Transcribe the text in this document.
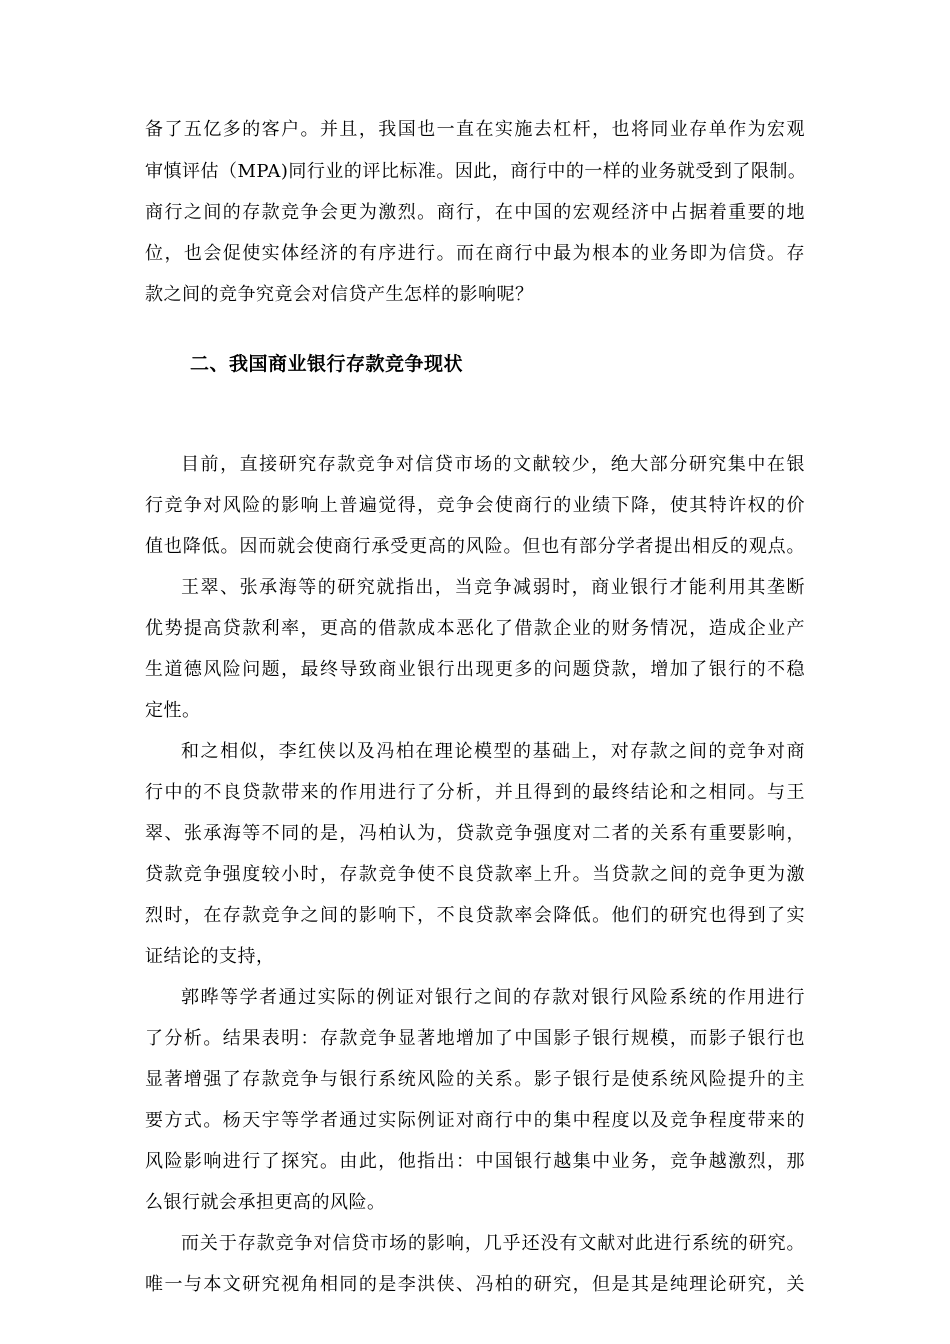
备了五亿多的客户。并且，我国也一直在实施去杠杆，也将同业存单作为宏观
审慎评估（MPA)同行业的评比标准。因此，商行中的一样的业务就受到了限制。
商行之间的存款竞争会更为激烈。商行，在中国的宏观经济中占据着重要的地
位，也会促使实体经济的有序进行。而在商行中最为根本的业务即为信贷。存
款之间的竞争究竟会对信贷产生怎样的影响呢？
二、我国商业银行存款竞争现状
目前，直接研究存款竞争对信贷市场的文献较少，绝大部分研究集中在银
行竞争对风险的影响上普遍觉得，竞争会使商行的业绩下降，使其特许权的价
值也降低。因而就会使商行承受更高的风险。但也有部分学者提出相反的观点。
王翠、张承海等的研究就指出，当竞争减弱时，商业银行才能利用其垄断
优势提高贷款利率，更高的借款成本恶化了借款企业的财务情况，造成企业产
生道德风险问题，最终导致商业银行出现更多的问题贷款，增加了银行的不稳
定性。
和之相似，李红侠以及冯柏在理论模型的基础上，对存款之间的竞争对商
行中的不良贷款带来的作用进行了分析，并且得到的最终结论和之相同。与王
翠、张承海等不同的是，冯柏认为，贷款竞争强度对二者的关系有重要影响，
贷款竞争强度较小时，存款竞争使不良贷款率上升。当贷款之间的竞争更为激
烈时，在存款竞争之间的影响下，不良贷款率会降低。他们的研究也得到了实
证结论的支持，
郭晔等学者通过实际的例证对银行之间的存款对银行风险系统的作用进行
了分析。结果表明：存款竞争显著地增加了中国影子银行规模，而影子银行也
显著增强了存款竞争与银行系统风险的关系。影子银行是使系统风险提升的主
要方式。杨天宇等学者通过实际例证对商行中的集中程度以及竞争程度带来的
风险影响进行了探究。由此，他指出：中国银行越集中业务，竞争越激烈，那
么银行就会承担更高的风险。
而关于存款竞争对信贷市场的影响，几乎还没有文献对此进行系统的研究。
唯一与本文研究视角相同的是李洪侠、冯柏的研究，但是其是纯理论研究，关
